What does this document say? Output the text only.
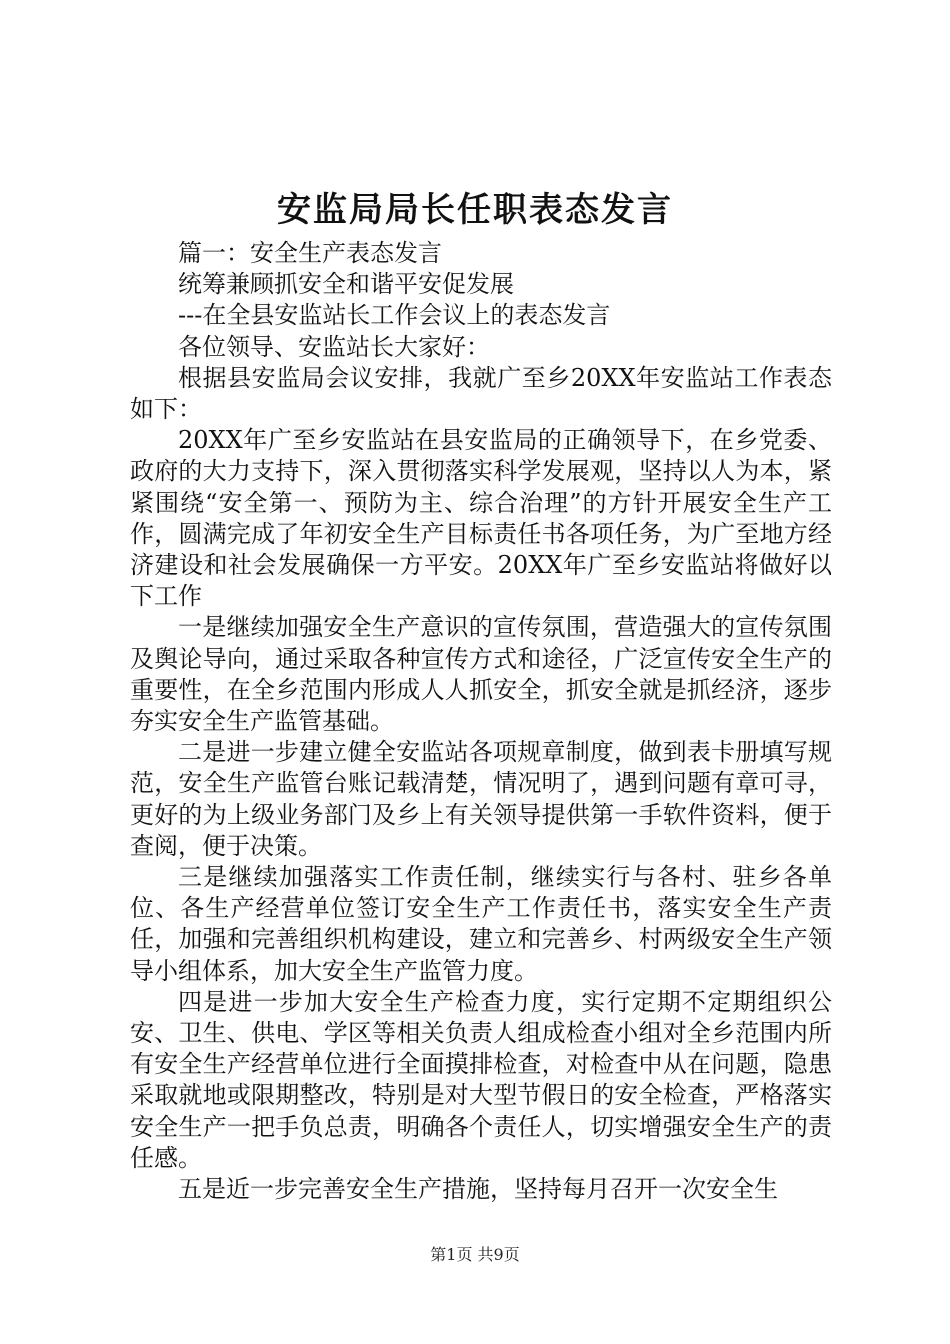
安监局局长任职表态发言

篇一：安全生产表态发言

统筹兼顾抓安全和谐平安促发展

---在全县安监站长工作会议上的表态发言

各位领导、安监站长大家好：

根据县安监局会议安排，我就广至乡20XX年安监站工作表态如下：

20XX年广至乡安监站在县安监局的正确领导下，在乡党委、政府的大力支持下，深入贯彻落实科学发展观，坚持以人为本，紧紧围绕“安全第一、预防为主、综合治理”的方针开展安全生产工作，圆满完成了年初安全生产目标责任书各项任务，为广至地方经济建设和社会发展确保一方平安。20XX年广至乡安监站将做好以下工作

一是继续加强安全生产意识的宣传氛围，营造强大的宣传氛围及舆论导向，通过采取各种宣传方式和途径，广泛宣传安全生产的重要性，在全乡范围内形成人人抓安全，抓安全就是抓经济，逐步夯实安全生产监管基础。

二是进一步建立健全安监站各项规章制度，做到表卡册填写规范，安全生产监管台账记载清楚，情况明了，遇到问题有章可寻，更好的为上级业务部门及乡上有关领导提供第一手软件资料，便于查阅，便于决策。

三是继续加强落实工作责任制，继续实行与各村、驻乡各单位、各生产经营单位签订安全生产工作责任书，落实安全生产责任，加强和完善组织机构建设，建立和完善乡、村两级安全生产领导小组体系，加大安全生产监管力度。

四是进一步加大安全生产检查力度，实行定期不定期组织公安、卫生、供电、学区等相关负责人组成检查小组对全乡范围内所有安全生产经营单位进行全面摸排检查，对检查中从在问题，隐患采取就地或限期整改，特别是对大型节假日的安全检查，严格落实安全生产一把手负总责，明确各个责任人，切实增强安全生产的责任感。

五是近一步完善安全生产措施，坚持每月召开一次安全生

第1页 共9页
